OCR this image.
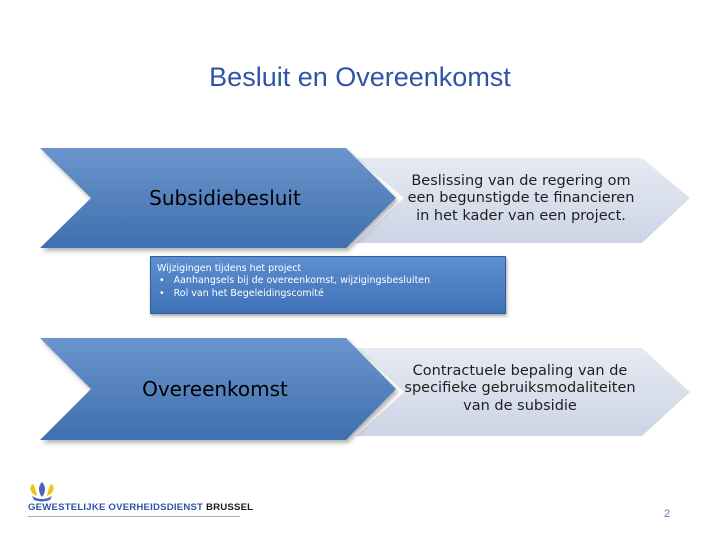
Besluit en Overeenkomst
Subsidiebesluit
Beslissing van de regering om een begunstigde te financieren in het kader van een project.
Overeenkomst
Contractuele bepaling van de specifieke gebruiksmodaliteiten van de subsidie
Wijzigingen tijdens het project
• Aanhangsels bij de overeenkomst, wijzigingsbesluiten
• Rol van het Begeleidingscomité
GEWESTELIJKE OVERHEIDSDIENST BRUSSEL
2
